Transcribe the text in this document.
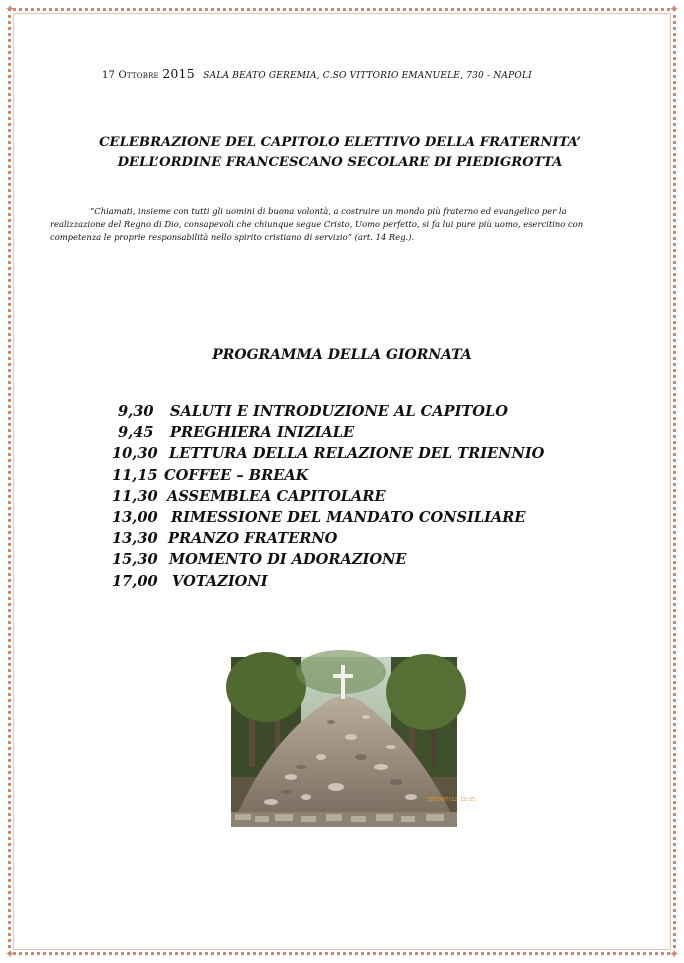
✦	✦
✦	✦
17 Ottobre 2015 SALA BEATO GEREMIA, C.SO VITTORIO EMANUELE, 730 - NAPOLI
CELEBRAZIONE DEL CAPITOLO ELETTIVO DELLA FRATERNITA’
DELL’ORDINE FRANCESCANO SECOLARE DI PIEDIGROTTA
“Chiamati, insieme con tutti gli uomini di buona volontà, a costruire un mondo più fraterno ed evangelico per la
realizzazione del Regno di Dio, consapevoli che chiunque segue Cristo, Uomo perfetto, si fa lui pure più uomo, esercitino con
competenza le proprie responsabilità nello spirito cristiano di servizio” (art. 14 Reg.).
PROGRAMMA DELLA GIORNATA
9,30 SALUTI E INTRODUZIONE AL CAPITOLO
9,45 PREGHIERA INIZIALE
10,30 LETTURA DELLA RELAZIONE DEL TRIENNIO
11,15 COFFEE – BREAK
11,30 ASSEMBLEA CAPITOLARE
13,00 RIMESSIONE DEL MANDATO CONSILIARE
13,30 PRANZO FRATERNO
15,30 MOMENTO DI ADORAZIONE
17,00 VOTAZIONI
2013/07/12 15:25
